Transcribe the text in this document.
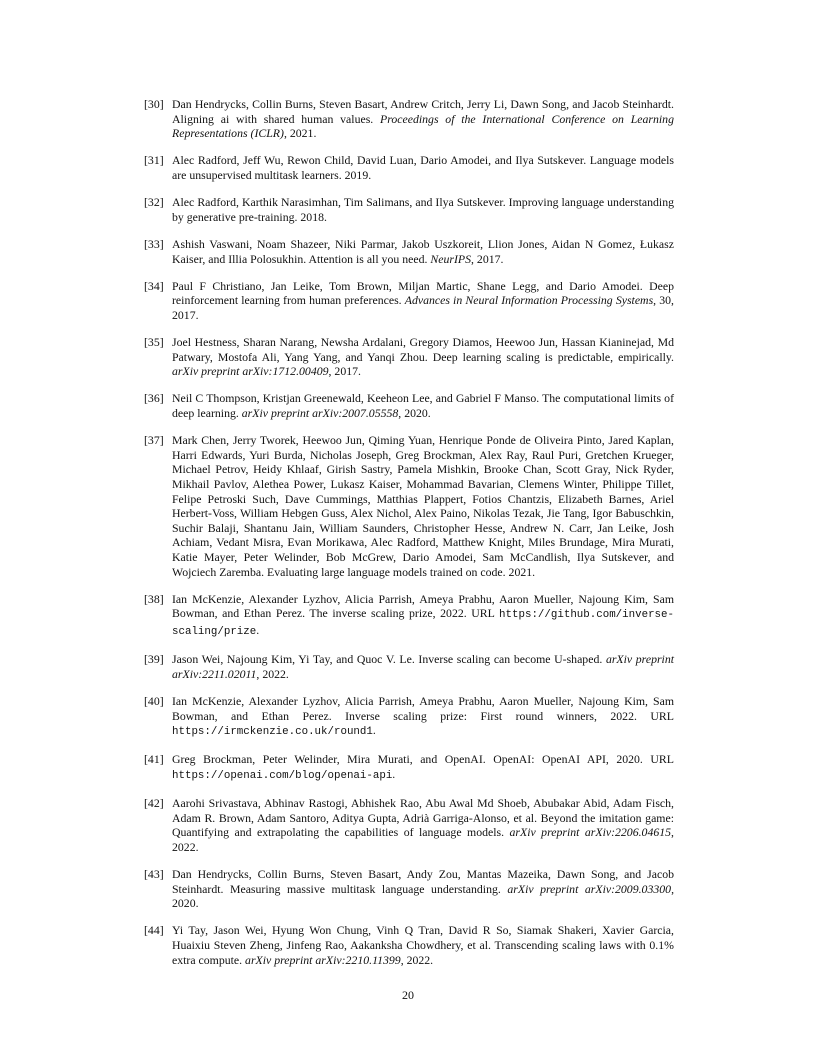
[30] Dan Hendrycks, Collin Burns, Steven Basart, Andrew Critch, Jerry Li, Dawn Song, and Jacob Steinhardt. Aligning ai with shared human values. Proceedings of the International Conference on Learning Representations (ICLR), 2021.
[31] Alec Radford, Jeff Wu, Rewon Child, David Luan, Dario Amodei, and Ilya Sutskever. Language models are unsupervised multitask learners. 2019.
[32] Alec Radford, Karthik Narasimhan, Tim Salimans, and Ilya Sutskever. Improving language understanding by generative pre-training. 2018.
[33] Ashish Vaswani, Noam Shazeer, Niki Parmar, Jakob Uszkoreit, Llion Jones, Aidan N Gomez, Łukasz Kaiser, and Illia Polosukhin. Attention is all you need. NeurIPS, 2017.
[34] Paul F Christiano, Jan Leike, Tom Brown, Miljan Martic, Shane Legg, and Dario Amodei. Deep reinforcement learning from human preferences. Advances in Neural Information Processing Systems, 30, 2017.
[35] Joel Hestness, Sharan Narang, Newsha Ardalani, Gregory Diamos, Heewoo Jun, Hassan Kianinejad, Md Patwary, Mostofa Ali, Yang Yang, and Yanqi Zhou. Deep learning scaling is predictable, empirically. arXiv preprint arXiv:1712.00409, 2017.
[36] Neil C Thompson, Kristjan Greenewald, Keeheon Lee, and Gabriel F Manso. The computational limits of deep learning. arXiv preprint arXiv:2007.05558, 2020.
[37] Mark Chen, Jerry Tworek, Heewoo Jun, Qiming Yuan, Henrique Ponde de Oliveira Pinto, Jared Kaplan, Harri Edwards, Yuri Burda, Nicholas Joseph, Greg Brockman, Alex Ray, Raul Puri, Gretchen Krueger, Michael Petrov, Heidy Khlaaf, Girish Sastry, Pamela Mishkin, Brooke Chan, Scott Gray, Nick Ryder, Mikhail Pavlov, Alethea Power, Lukasz Kaiser, Mohammad Bavarian, Clemens Winter, Philippe Tillet, Felipe Petroski Such, Dave Cummings, Matthias Plappert, Fotios Chantzis, Elizabeth Barnes, Ariel Herbert-Voss, William Hebgen Guss, Alex Nichol, Alex Paino, Nikolas Tezak, Jie Tang, Igor Babuschkin, Suchir Balaji, Shantanu Jain, William Saunders, Christopher Hesse, Andrew N. Carr, Jan Leike, Josh Achiam, Vedant Misra, Evan Morikawa, Alec Radford, Matthew Knight, Miles Brundage, Mira Murati, Katie Mayer, Peter Welinder, Bob McGrew, Dario Amodei, Sam McCandlish, Ilya Sutskever, and Wojciech Zaremba. Evaluating large language models trained on code. 2021.
[38] Ian McKenzie, Alexander Lyzhov, Alicia Parrish, Ameya Prabhu, Aaron Mueller, Najoung Kim, Sam Bowman, and Ethan Perez. The inverse scaling prize, 2022. URL https://github.com/inverse-scaling/prize.
[39] Jason Wei, Najoung Kim, Yi Tay, and Quoc V. Le. Inverse scaling can become U-shaped. arXiv preprint arXiv:2211.02011, 2022.
[40] Ian McKenzie, Alexander Lyzhov, Alicia Parrish, Ameya Prabhu, Aaron Mueller, Najoung Kim, Sam Bowman, and Ethan Perez. Inverse scaling prize: First round winners, 2022. URL https://irmckenzie.co.uk/round1.
[41] Greg Brockman, Peter Welinder, Mira Murati, and OpenAI. OpenAI: OpenAI API, 2020. URL https://openai.com/blog/openai-api.
[42] Aarohi Srivastava, Abhinav Rastogi, Abhishek Rao, Abu Awal Md Shoeb, Abubakar Abid, Adam Fisch, Adam R. Brown, Adam Santoro, Aditya Gupta, Adrià Garriga-Alonso, et al. Beyond the imitation game: Quantifying and extrapolating the capabilities of language models. arXiv preprint arXiv:2206.04615, 2022.
[43] Dan Hendrycks, Collin Burns, Steven Basart, Andy Zou, Mantas Mazeika, Dawn Song, and Jacob Steinhardt. Measuring massive multitask language understanding. arXiv preprint arXiv:2009.03300, 2020.
[44] Yi Tay, Jason Wei, Hyung Won Chung, Vinh Q Tran, David R So, Siamak Shakeri, Xavier Garcia, Huaixiu Steven Zheng, Jinfeng Rao, Aakanksha Chowdhery, et al. Transcending scaling laws with 0.1% extra compute. arXiv preprint arXiv:2210.11399, 2022.
20
